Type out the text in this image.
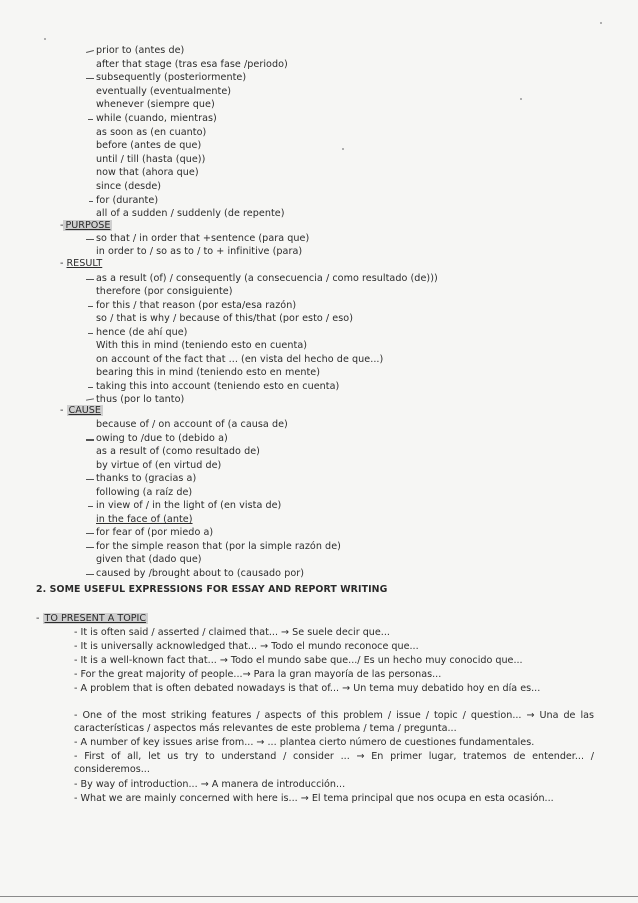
prior to (antes de)
after that stage (tras esa fase /periodo)
subsequently (posteriormente)
eventually (eventualmente)
whenever (siempre que)
while (cuando, mientras)
as soon as (en cuanto)
before (antes de que)
until / till (hasta (que))
now that (ahora que)
since (desde)
for (durante)
all of a sudden / suddenly (de repente)
- PURPOSE
so that / in order that +sentence (para que)
in order to / so as to / to + infinitive (para)
- RESULT
as a result (of) / consequently (a consecuencia / como resultado (de)))
therefore (por consiguiente)
for this / that reason (por esta/esa razón)
so / that is why / because of this/that (por esto / eso)
hence (de ahí que)
With this in mind (teniendo esto en cuenta)
on account of the fact that ... (en vista del hecho de que...)
bearing this in mind (teniendo esto en mente)
taking this into account (teniendo esto en cuenta)
thus (por lo tanto)
- CAUSE
because of / on account of (a causa de)
owing to /due to (debido a)
as a result of (como resultado de)
by virtue of (en virtud de)
thanks to (gracias a)
following (a raíz de)
in view of / in the light of (en vista de)
in the face of (ante)
for fear of (por miedo a)
for the simple reason that (por la simple razón de)
given that (dado que)
caused by /brought about to (causado por)
2. SOME USEFUL EXPRESSIONS FOR ESSAY AND REPORT WRITING
- TO PRESENT A TOPIC
- It is often said / asserted / claimed that... → Se suele decir que...
- It is universally acknowledged that... → Todo el mundo reconoce que...
- It is a well-known fact that... → Todo el mundo sabe que.../ Es un hecho muy conocido que...
- For the great majority of people...→ Para la gran mayoría de las personas...
- A problem that is often debated nowadays is that of... → Un tema muy debatido hoy en día es...
- One of the most striking features / aspects of this problem / issue / topic / question... → Una de las características / aspectos más relevantes de este problema / tema / pregunta...
- A number of key issues arise from... → ... plantea cierto número de cuestiones fundamentales.
- First of all, let us try to understand / consider ... → En primer lugar, tratemos de entender... / consideremos...
- By way of introduction... → A manera de introducción...
- What we are mainly concerned with here is... → El tema principal que nos ocupa en esta ocasión...
